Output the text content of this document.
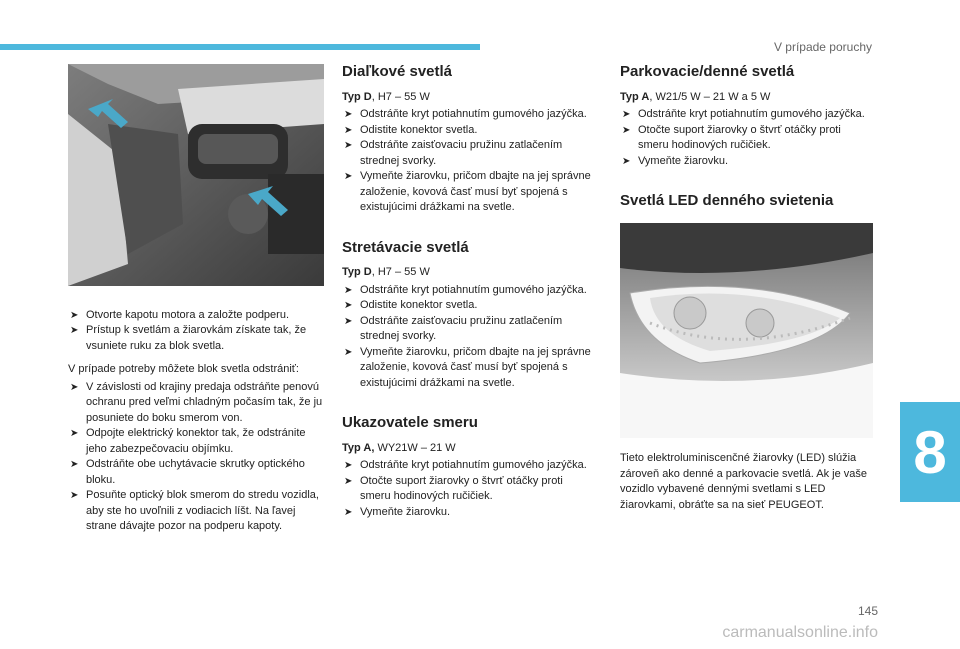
V prípade poruchy
8
145
carmanualsonline.info
➤ Otvorte kapotu motora a založte podperu.
➤ Prístup k svetlám a žiarovkám získate tak, že vsuniete ruku za blok svetla.

V prípade potreby môžete blok svetla odstrániť:

➤ V závislosti od krajiny predaja odstráňte penovú ochranu pred veľmi chladným počasím tak, že ju posuniete do boku smerom von.
➤ Odpojte elektrický konektor tak, že odstránite jeho zabezpečovaciu objímku.
➤ Odstráňte obe uchytávacie skrutky optického bloku.
➤ Posuňte optický blok smerom do stredu vozidla, aby ste ho uvoľnili z vodiacich líšt. Na ľavej strane dávajte pozor na podperu kapoty.
Diaľkové svetlá

Typ D, H7 – 55 W

➤ Odstráňte kryt potiahnutím gumového jazýčka.
➤ Odistite konektor svetla.
➤ Odstráňte zaisťovaciu pružinu zatlačením strednej svorky.
➤ Vymeňte žiarovku, pričom dbajte na jej správne založenie, kovová časť musí byť spojená s existujúcimi drážkami na svetle.
Stretávacie svetlá

Typ D, H7 – 55 W

➤ Odstráňte kryt potiahnutím gumového jazýčka.
➤ Odistite konektor svetla.
➤ Odstráňte zaisťovaciu pružinu zatlačením strednej svorky.
➤ Vymeňte žiarovku, pričom dbajte na jej správne založenie, kovová časť musí byť spojená s existujúcimi drážkami na svetle.
Ukazovatele smeru

Typ A, WY21W – 21 W

➤ Odstráňte kryt potiahnutím gumového jazýčka.
➤ Otočte suport žiarovky o štvrť otáčky proti smeru hodinových ručičiek.
➤ Vymeňte žiarovku.
Parkovacie/denné svetlá

Typ A, W21/5 W – 21 W a 5 W

➤ Odstráňte kryt potiahnutím gumového jazýčka.
➤ Otočte suport žiarovky o štvrť otáčky proti smeru hodinových ručičiek.
➤ Vymeňte žiarovku.
Svetlá LED denného svietenia

Tieto elektroluminiscenčné žiarovky (LED) slúžia zároveň ako denné a parkovacie svetlá. Ak je vaše vozidlo vybavené dennými svetlami s LED žiarovkami, obráťte sa na sieť PEUGEOT.
